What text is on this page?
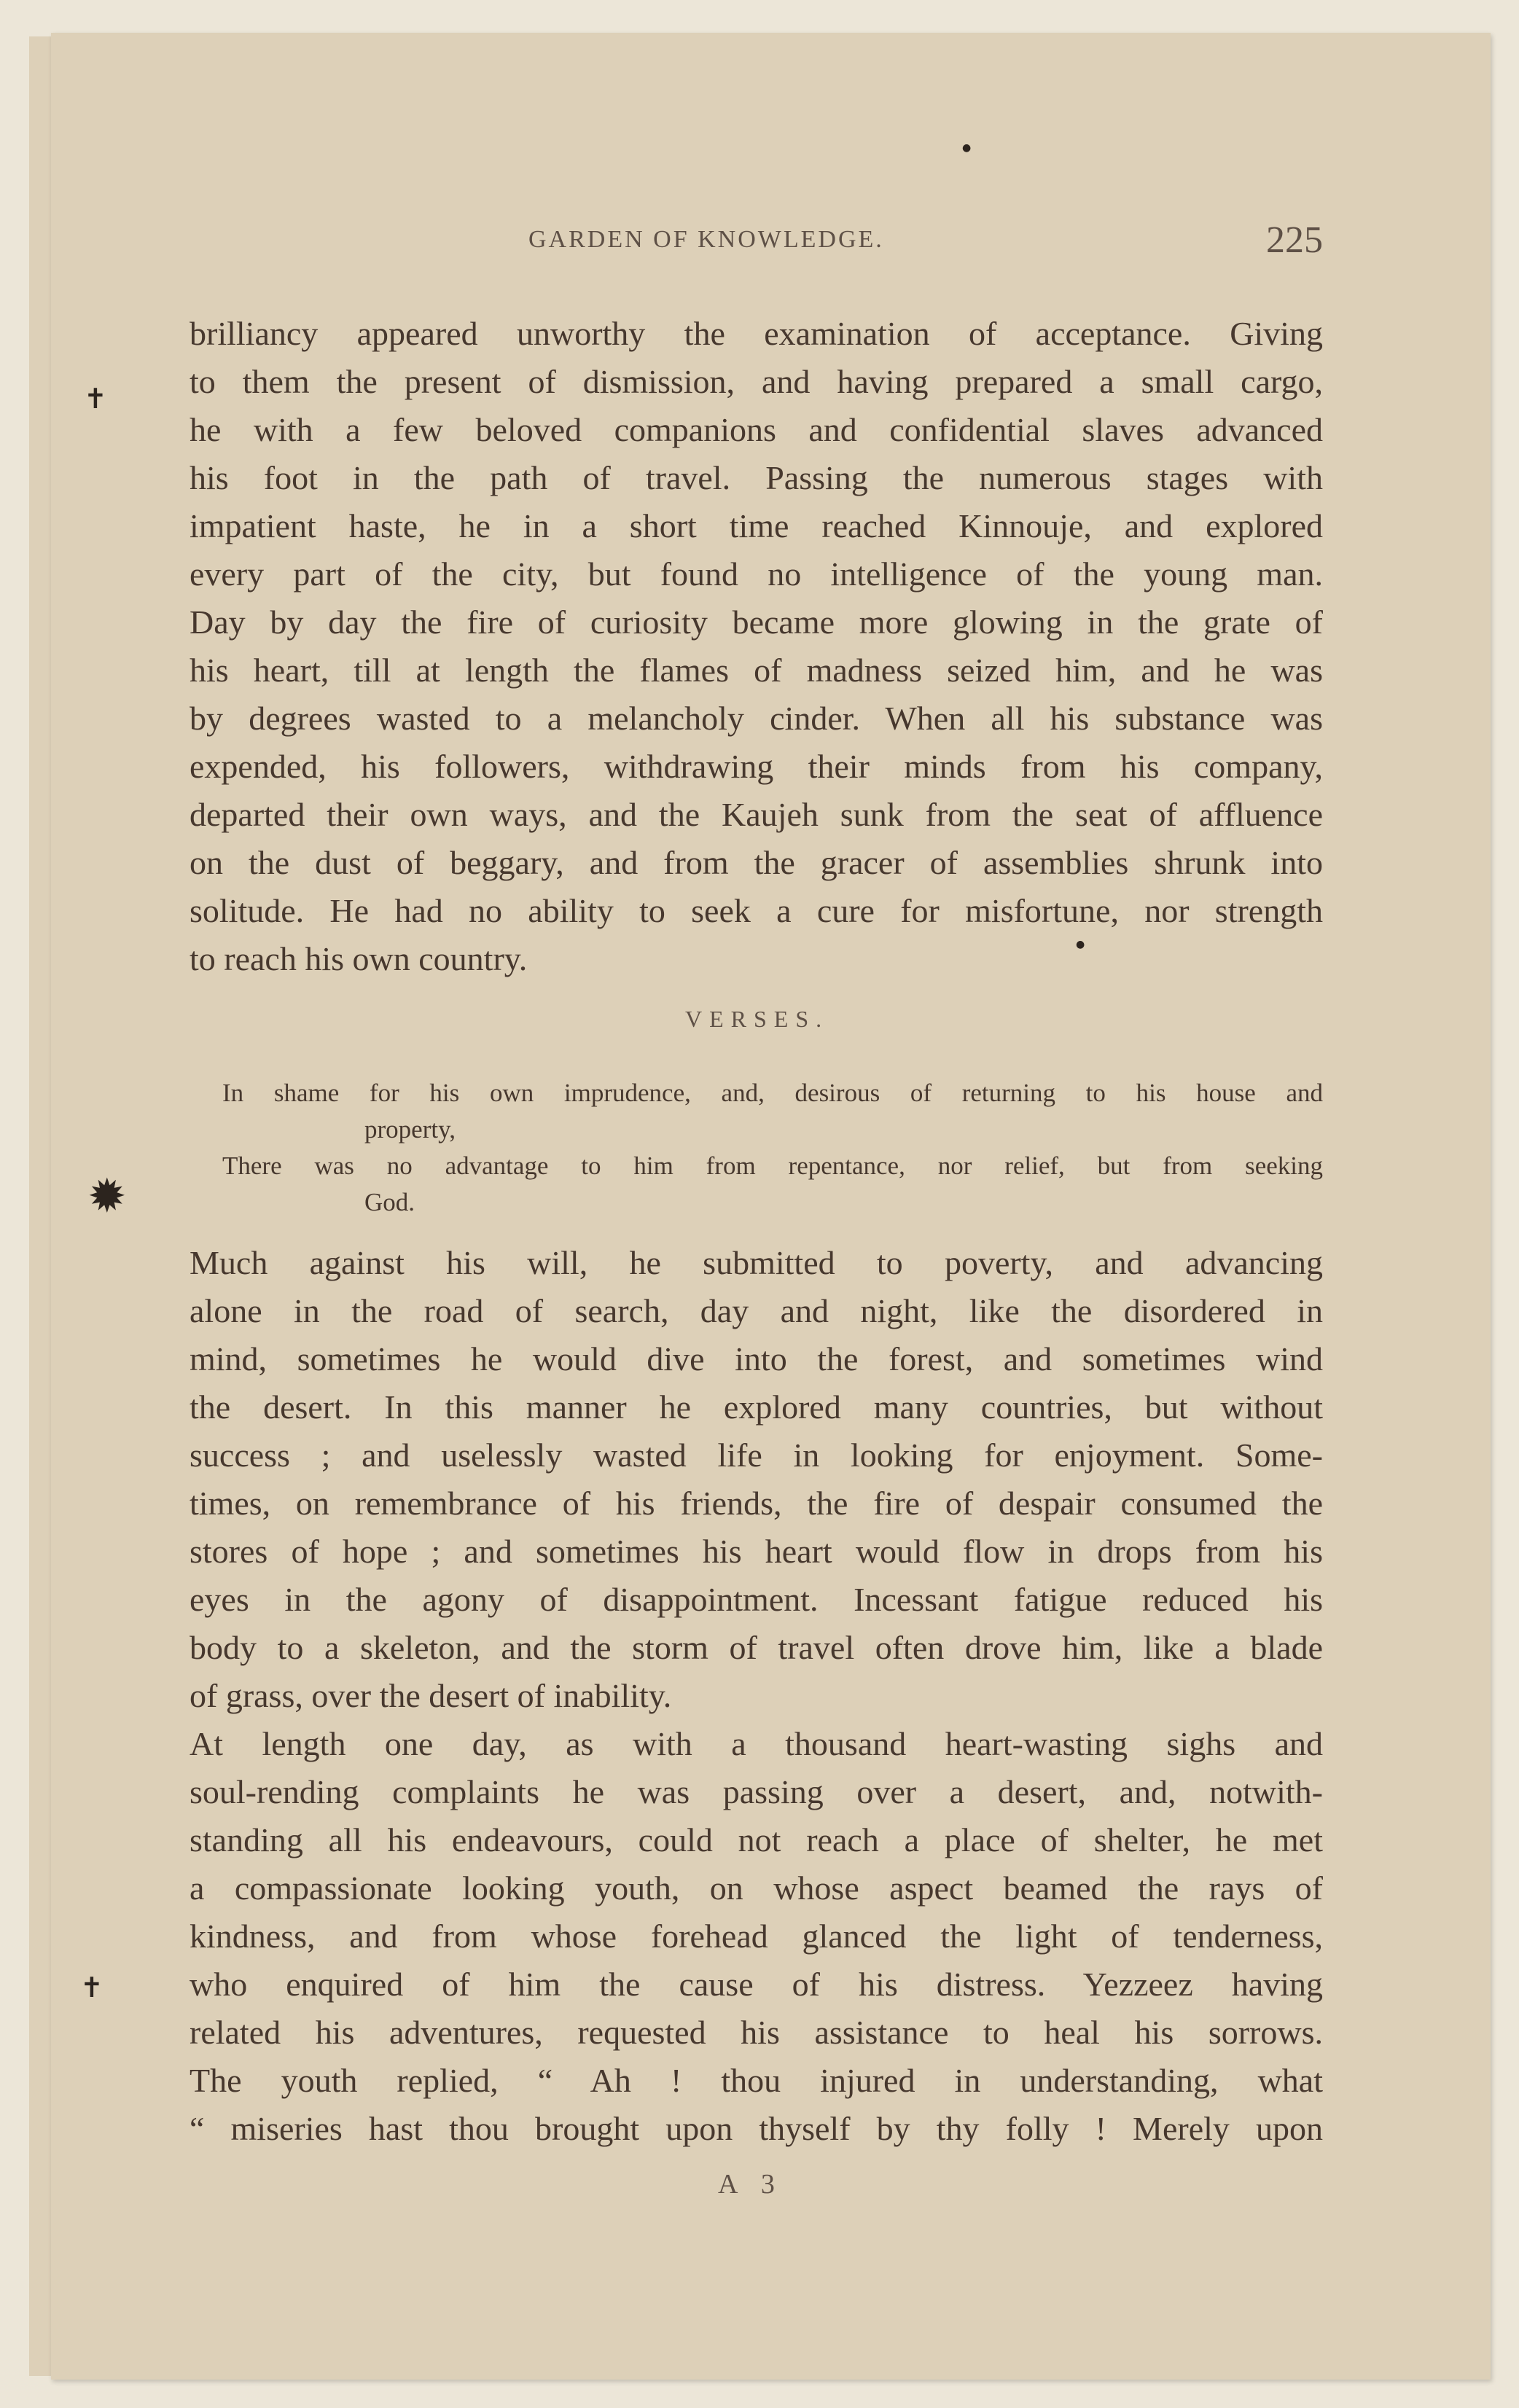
GARDEN OF KNOWLEDGE.	225
brilliancy appeared unworthy the examination of acceptance. Giving
to them the present of dismission, and having prepared a small cargo,
he with a few beloved companions and confidential slaves advanced
his foot in the path of travel. Passing the numerous stages with
impatient haste, he in a short time reached Kinnouje, and explored
every part of the city, but found no intelligence of the young man.
Day by day the fire of curiosity became more glowing in the grate of
his heart, till at length the flames of madness seized him, and he was
by degrees wasted to a melancholy cinder. When all his substance was
expended, his followers, withdrawing their minds from his company,
departed their own ways, and the Kaujeh sunk from the seat of affluence
on the dust of beggary, and from the gracer of assemblies shrunk into
solitude. He had no ability to seek a cure for misfortune, nor strength
to reach his own country.
VERSES.
In shame for his own imprudence, and, desirous of returning to his house and
property,
There was no advantage to him from repentance, nor relief, but from seeking
God.
Much against his will, he submitted to poverty, and advancing
alone in the road of search, day and night, like the disordered in
mind, sometimes he would dive into the forest, and sometimes wind
the desert. In this manner he explored many countries, but without
success ; and uselessly wasted life in looking for enjoyment. Some-
times, on remembrance of his friends, the fire of despair consumed the
stores of hope ; and sometimes his heart would flow in drops from his
eyes in the agony of disappointment. Incessant fatigue reduced his
body to a skeleton, and the storm of travel often drove him, like a blade
of grass, over the desert of inability.
At length one day, as with a thousand heart-wasting sighs and
soul-rending complaints he was passing over a desert, and, notwith-
standing all his endeavours, could not reach a place of shelter, he met
a compassionate looking youth, on whose aspect beamed the rays of
kindness, and from whose forehead glanced the light of tenderness,
who enquired of him the cause of his distress. Yezzeez having
related his adventures, requested his assistance to heal his sorrows.
The youth replied, “ Ah ! thou injured in understanding, what
“ miseries hast thou brought upon thyself by thy folly ! Merely upon
A 3
✝
✹
✝
●
●
